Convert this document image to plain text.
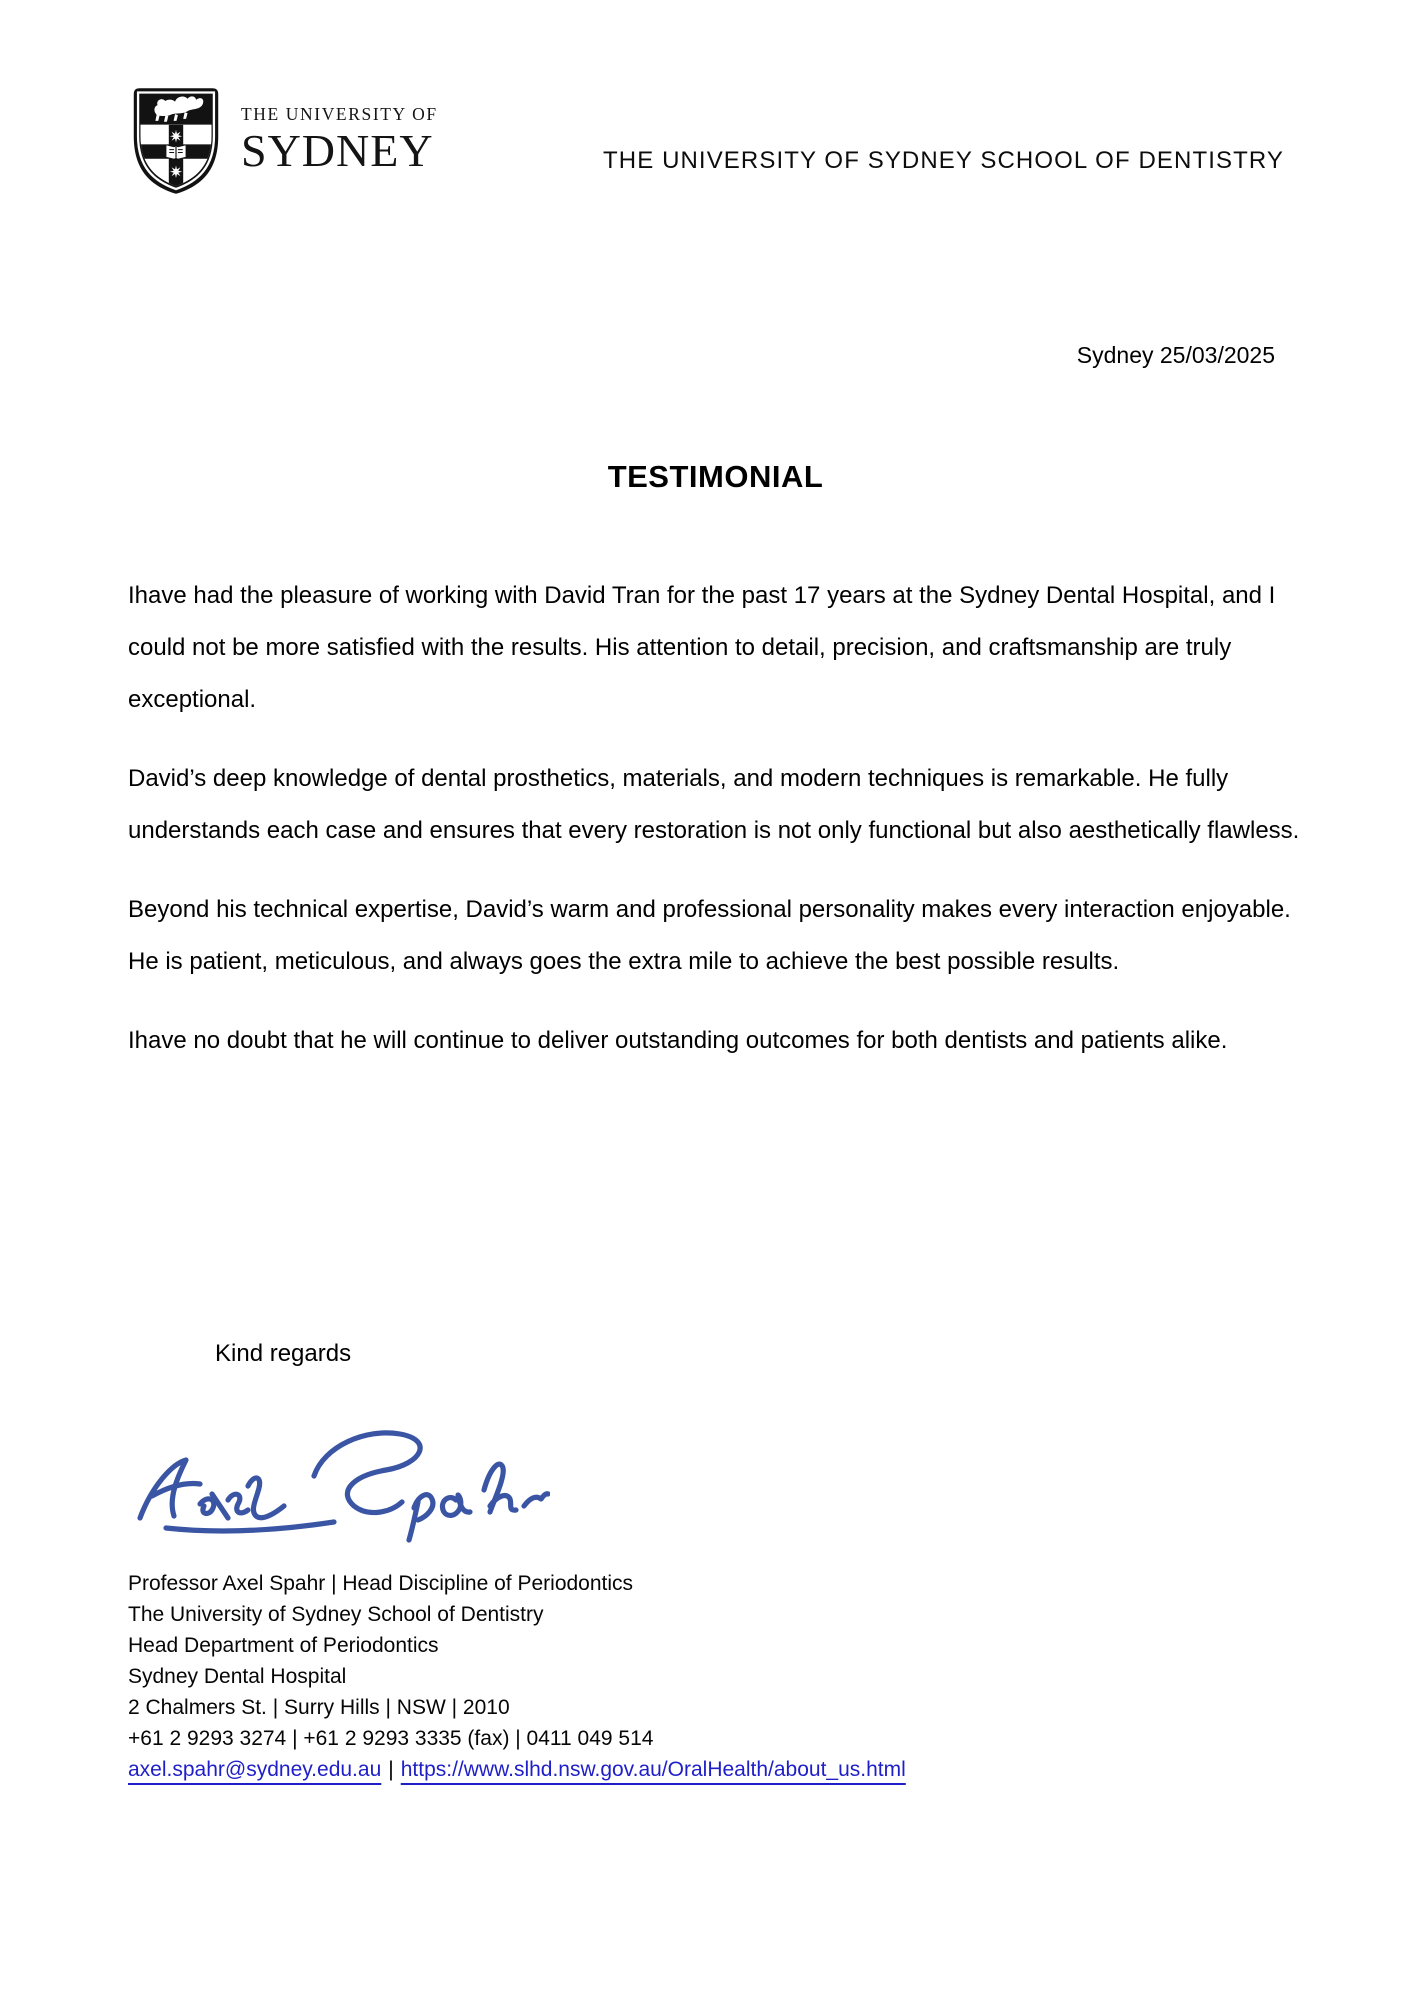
THE UNIVERSITY OF
SYDNEY	THE UNIVERSITY OF SYDNEY SCHOOL OF DENTISTRY
Sydney 25/03/2025
TESTIMONIAL

Ihave had the pleasure of working with David Tran for the past 17 years at the Sydney Dental Hospital, and I could not be more satisfied with the results. His attention to detail, precision, and craftsmanship are truly exceptional.

David’s deep knowledge of dental prosthetics, materials, and modern techniques is remarkable. He fully understands each case and ensures that every restoration is not only functional but also aesthetically flawless.

Beyond his technical expertise, David’s warm and professional personality makes every interaction enjoyable. He is patient, meticulous, and always goes the extra mile to achieve the best possible results.

Ihave no doubt that he will continue to deliver outstanding outcomes for both dentists and patients alike.

Kind regards
Professor Axel Spahr | Head Discipline of Periodontics
The University of Sydney School of Dentistry
Head Department of Periodontics
Sydney Dental Hospital
2 Chalmers St. | Surry Hills | NSW | 2010
+61 2 9293 3274 | +61 2 9293 3335 (fax) | 0411 049 514
axel.spahr@sydney.edu.au | https://www.slhd.nsw.gov.au/OralHealth/about_us.html
